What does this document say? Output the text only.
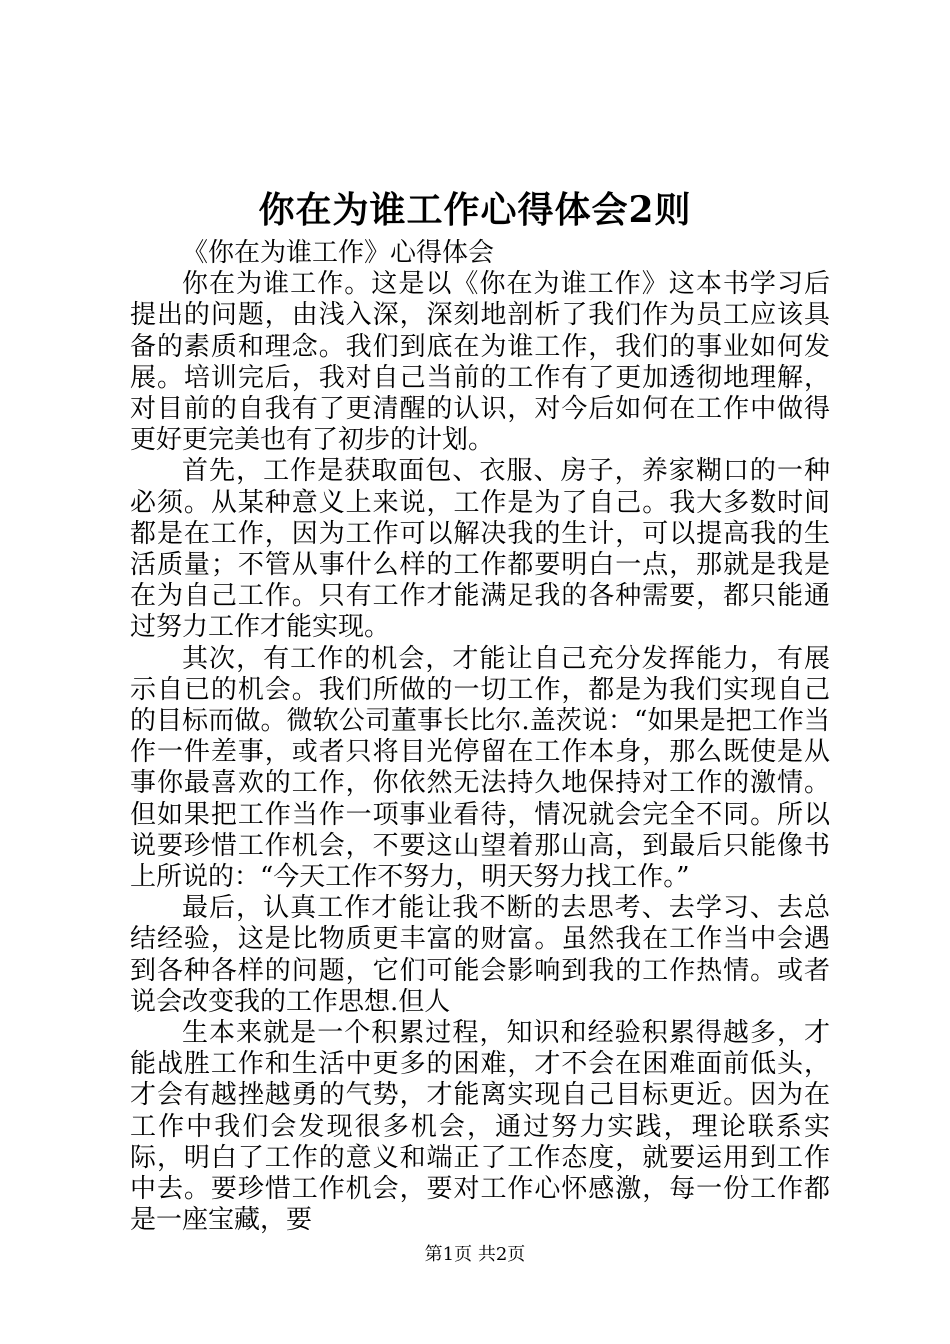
你在为谁工作心得体会2则

《你在为谁工作》心得体会

你在为谁工作。这是以《你在为谁工作》这本书学习后提出的问题，由浅入深，深刻地剖析了我们作为员工应该具备的素质和理念。我们到底在为谁工作，我们的事业如何发展。培训完后，我对自己当前的工作有了更加透彻地理解，对目前的自我有了更清醒的认识，对今后如何在工作中做得更好更完美也有了初步的计划。

首先，工作是获取面包、衣服、房子，养家糊口的一种必须。从某种意义上来说，工作是为了自己。我大多数时间都是在工作，因为工作可以解决我的生计，可以提高我的生活质量；不管从事什么样的工作都要明白一点，那就是我是在为自己工作。只有工作才能满足我的各种需要，都只能通过努力工作才能实现。

其次，有工作的机会，才能让自己充分发挥能力，有展示自已的机会。我们所做的一切工作，都是为我们实现自己的目标而做。微软公司董事长比尔.盖茨说：“如果是把工作当作一件差事，或者只将目光停留在工作本身，那么既使是从事你最喜欢的工作，你依然无法持久地保持对工作的激情。但如果把工作当作一项事业看待，情况就会完全不同。所以说要珍惜工作机会，不要这山望着那山高，到最后只能像书上所说的：“今天工作不努力，明天努力找工作。”

最后，认真工作才能让我不断的去思考、去学习、去总结经验，这是比物质更丰富的财富。虽然我在工作当中会遇到各种各样的问题，它们可能会影响到我的工作热情。或者说会改变我的工作思想.但人

生本来就是一个积累过程，知识和经验积累得越多，才能战胜工作和生活中更多的困难，才不会在困难面前低头，才会有越挫越勇的气势，才能离实现自己目标更近。因为在工作中我们会发现很多机会，通过努力实践，理论联系实际，明白了工作的意义和端正了工作态度，就要运用到工作中去。要珍惜工作机会，要对工作心怀感激，每一份工作都是一座宝藏，要

第1页 共2页
